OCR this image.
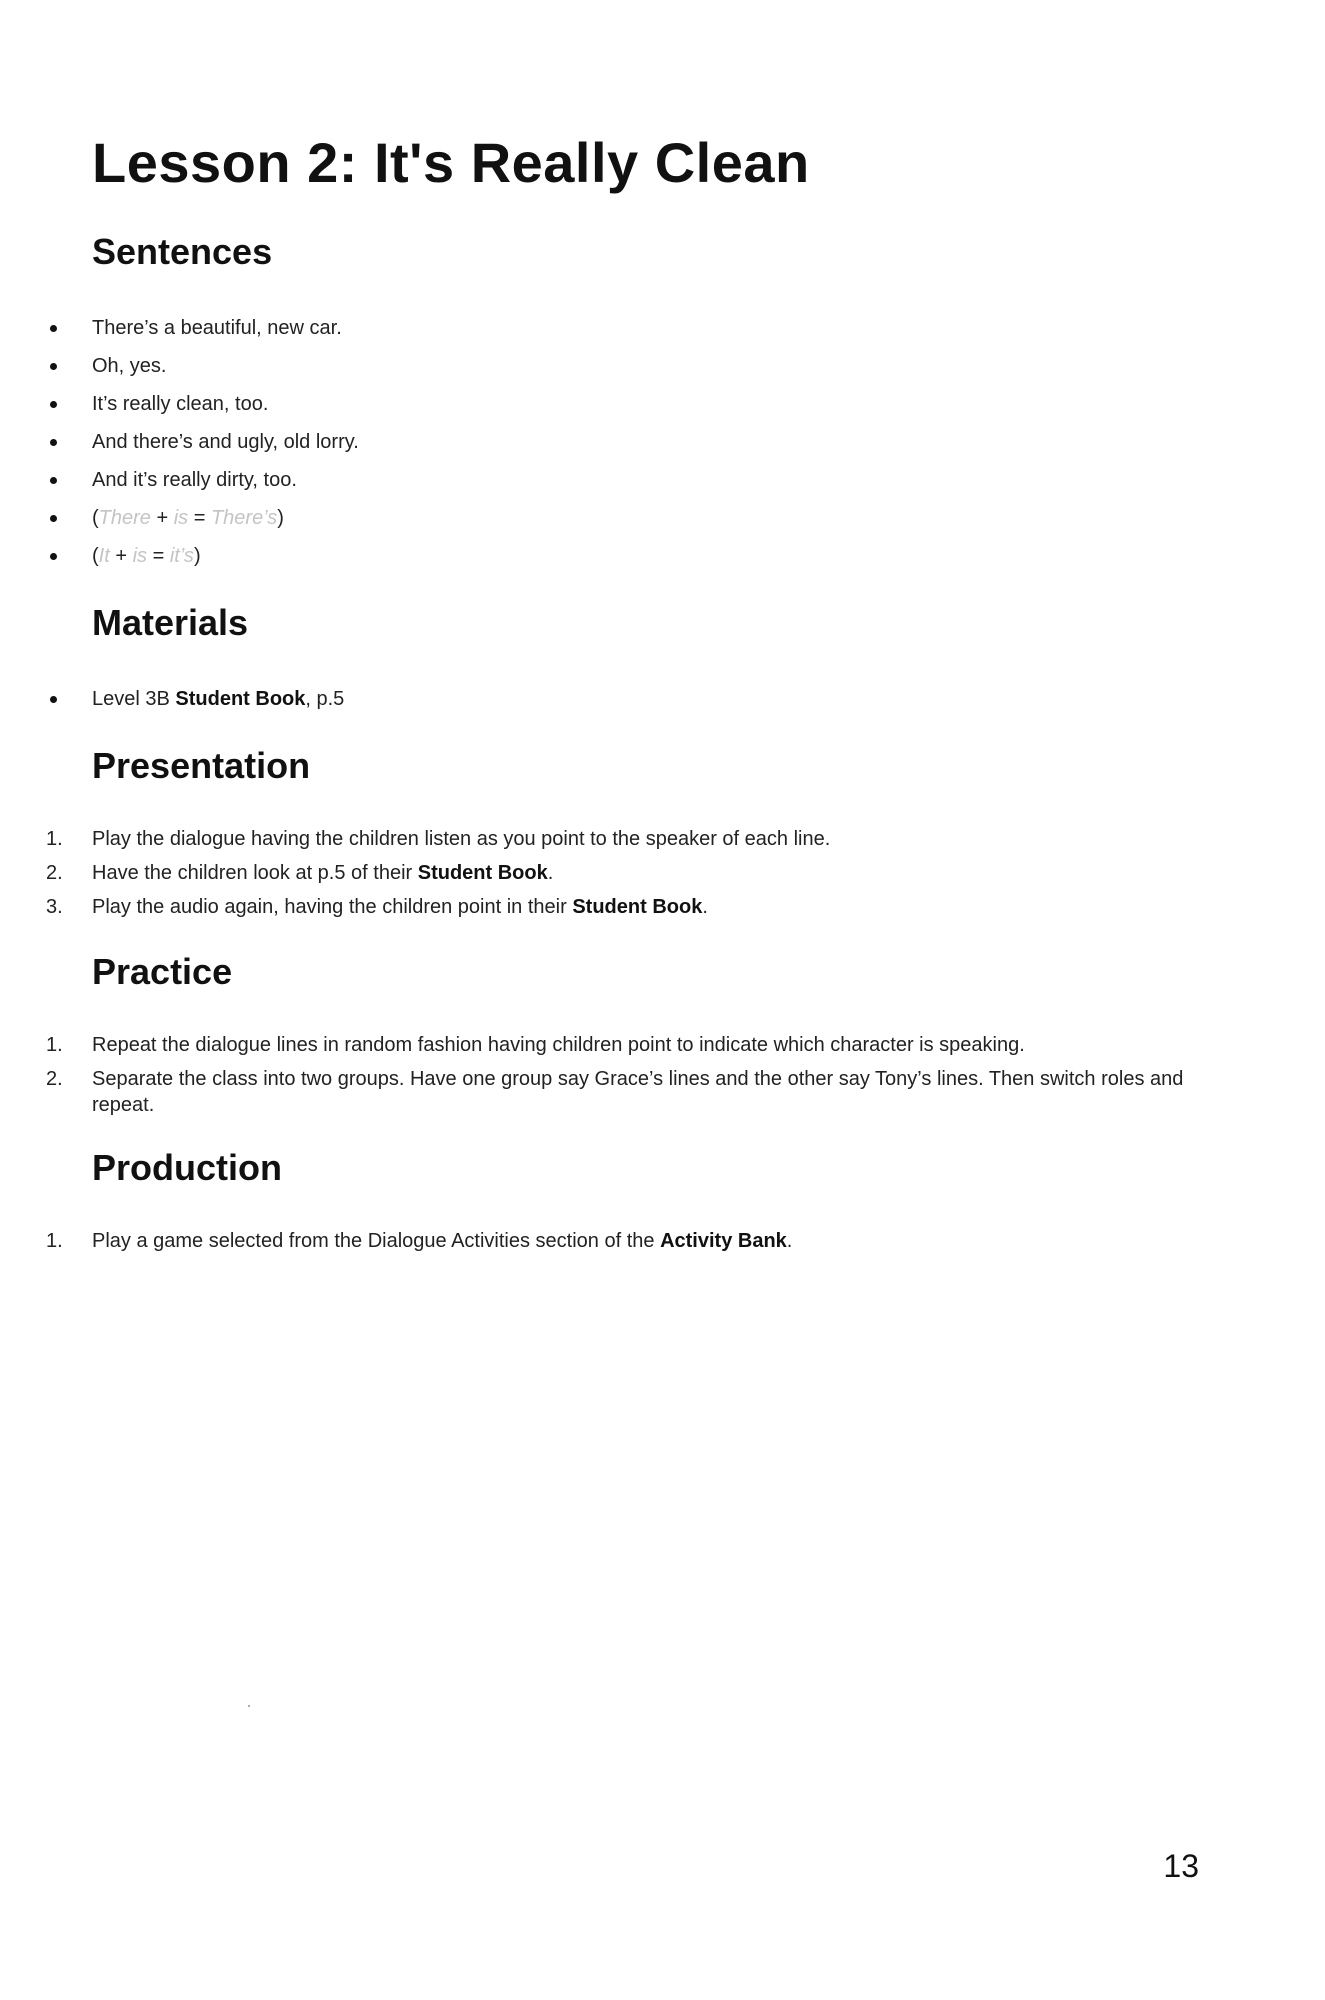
Lesson 2: It's Really Clean
Sentences
There’s a beautiful, new car.
Oh, yes.
It’s really clean, too.
And there’s and ugly, old lorry.
And it’s really dirty, too.
(There + is = There’s)
(It + is = it’s)
Materials
Level 3B Student Book, p.5
Presentation
1.	Play the dialogue having the children listen as you point to the speaker of each line.
2.	Have the children look at p.5 of their Student Book.
3.	Play the audio again, having the children point in their Student Book.
Practice
1.	Repeat the dialogue lines in random fashion having children point to indicate which character is speaking.
2.	Separate the class into two groups. Have one group say Grace’s lines and the other say Tony’s lines. Then switch roles and repeat.
Production
1.	Play a game selected from the Dialogue Activities section of the Activity Bank.
13
